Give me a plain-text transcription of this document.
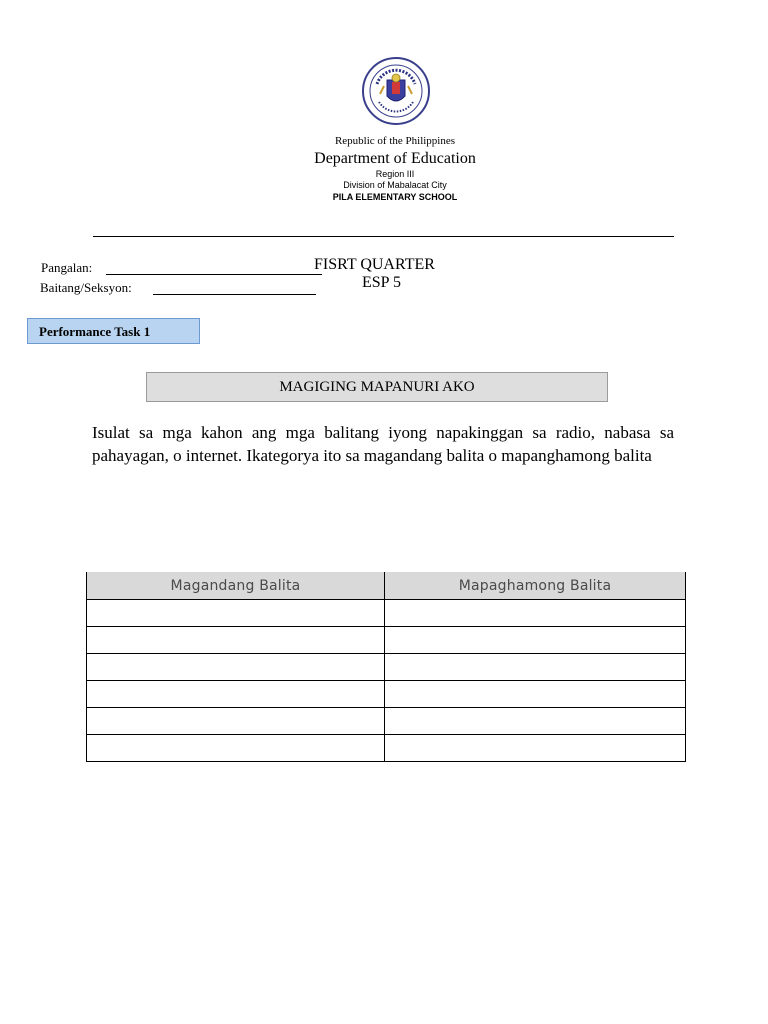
Republic of the Philippines
Department of Education
Region III
Division of Mabalacat City
PILA ELEMENTARY SCHOOL
Pangalan:
Baitang/Seksyon:
FISRT QUARTER
ESP 5
Performance Task 1
MAGIGING MAPANURI AKO
Isulat sa mga kahon ang mga balitang iyong napakinggan sa radio, nabasa sa pahayagan, o internet. Ikategorya ito sa magandang balita o mapanghamong balita
Magandang Balita	Mapaghamong Balita
